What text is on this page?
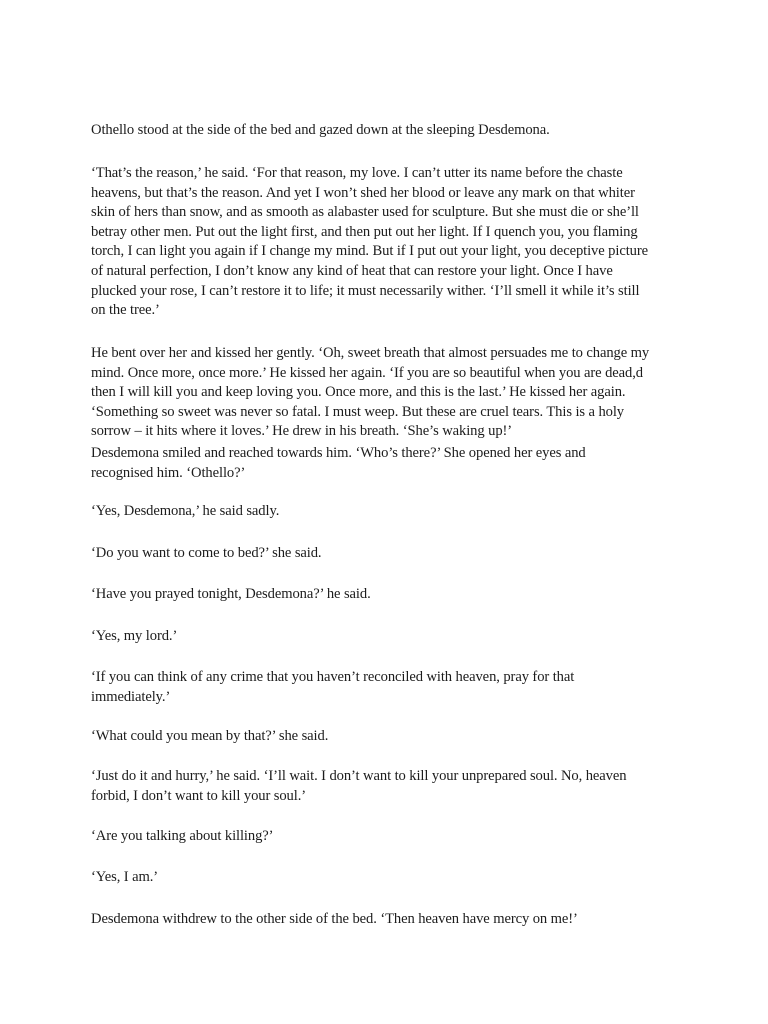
Othello stood at the side of the bed and gazed down at the sleeping Desdemona.
‘That’s the reason,’ he said. ‘For that reason, my love. I can’t utter its name before the chaste
heavens, but that’s the reason. And yet I won’t shed her blood or leave any mark on that whiter
skin of hers than snow, and as smooth as alabaster used for sculpture. But she must die or she’ll
betray other men. Put out the light first, and then put out her light. If I quench you, you flaming
torch, I can light you again if I change my mind. But if I put out your light, you deceptive picture
of natural perfection, I don’t know any kind of heat that can restore your light. Once I have
plucked your rose, I can’t restore it to life; it must necessarily wither. ‘I’ll smell it while it’s still
on the tree.’
He bent over her and kissed her gently. ‘Oh, sweet breath that almost persuades me to change my
mind. Once more, once more.’ He kissed her again. ‘If you are so beautiful when you are dead,d
then I will kill you and keep loving you. Once more, and this is the last.’ He kissed her again.
‘Something so sweet was never so fatal. I must weep. But these are cruel tears. This is a holy
sorrow – it hits where it loves.’ He drew in his breath. ‘She’s waking up!’
Desdemona smiled and reached towards him. ‘Who’s there?’ She opened her eyes and
recognised him. ‘Othello?’
‘Yes, Desdemona,’ he said sadly.
‘Do you want to come to bed?’ she said.
‘Have you prayed tonight, Desdemona?’ he said.
‘Yes, my lord.’
‘If you can think of any crime that you haven’t reconciled with heaven, pray for that
immediately.’
‘What could you mean by that?’ she said.
‘Just do it and hurry,’ he said. ‘I’ll wait. I don’t want to kill your unprepared soul. No, heaven
forbid, I don’t want to kill your soul.’
‘Are you talking about killing?’
‘Yes, I am.’
Desdemona withdrew to the other side of the bed. ‘Then heaven have mercy on me!’
